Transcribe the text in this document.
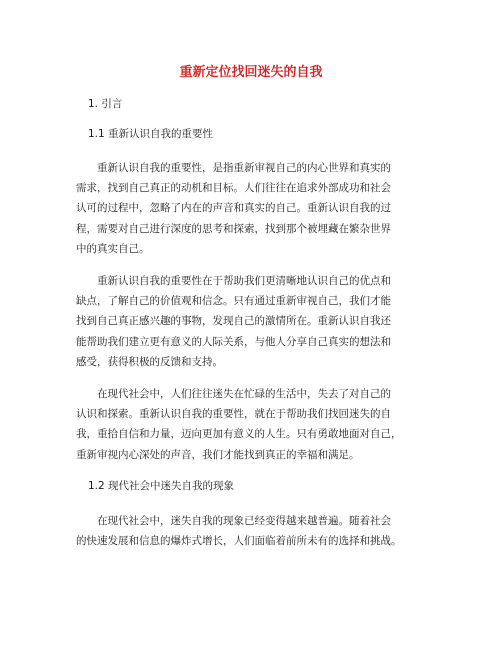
重新定位找回迷失的自我
1. 引言
1.1 重新认识自我的重要性
重新认识自我的重要性，是指重新审视自己的内心世界和真实的
需求，找到自己真正的动机和目标。人们往往在追求外部成功和社会
认可的过程中，忽略了内在的声音和真实的自己。重新认识自我的过
程，需要对自己进行深度的思考和探索，找到那个被埋藏在繁杂世界
中的真实自己。
重新认识自我的重要性在于帮助我们更清晰地认识自己的优点和
缺点，了解自己的价值观和信念。只有通过重新审视自己，我们才能
找到自己真正感兴趣的事物，发现自己的激情所在。重新认识自我还
能帮助我们建立更有意义的人际关系，与他人分享自己真实的想法和
感受，获得积极的反馈和支持。
在现代社会中，人们往往迷失在忙碌的生活中，失去了对自己的
认识和探索。重新认识自我的重要性，就在于帮助我们找回迷失的自
我，重拾自信和力量，迈向更加有意义的人生。只有勇敢地面对自己，
重新审视内心深处的声音，我们才能找到真正的幸福和满足。
1.2 现代社会中迷失自我的现象
在现代社会中，迷失自我的现象已经变得越来越普遍。随着社会
的快速发展和信息的爆炸式增长，人们面临着前所未有的选择和挑战。
